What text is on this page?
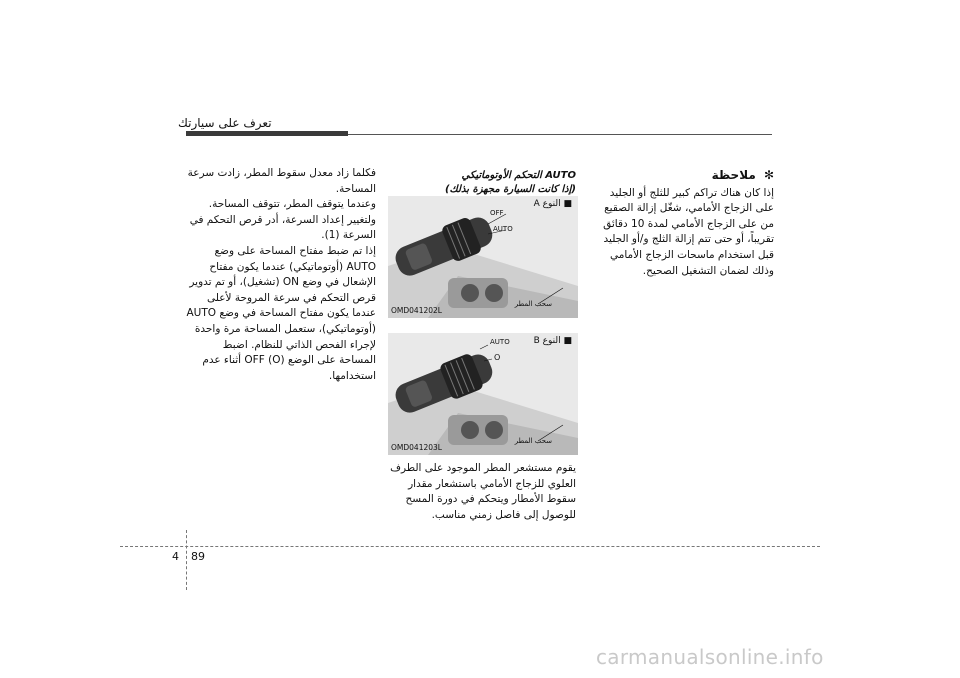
تعرف على سيارتك

فكلما زاد معدل سقوط المطر، زادت سرعة المساحة.

وعندما يتوقف المطر، تتوقف المساحة.

ولتغيير إعداد السرعة، أدر قرص التحكم في السرعة (1).

إذا تم ضبط مفتاح المساحة على وضع AUTO (أوتوماتيكي) عندما يكون مفتاح الإشعال في وضع ON (تشغيل)، أو تم تدوير قرص التحكم في سرعة المروحة لأعلى عندما يكون مفتاح المساحة في وضع AUTO (أوتوماتيكي)، ستعمل المساحة مرة واحدة لإجراء الفحص الذاتي للنظام. اضبط المساحة على الوضع OFF (O) أثناء عدم استخدامها.

AUTO التحكم الأوتوماتيكي

(إذا كانت السيارة مجهزة بذلك)

■ النوع A
OFF
AUTO
سحب المطر
OMD041202L
■ النوع B
AUTO
O
سحب المطر
OMD041203L

يقوم مستشعر المطر الموجود على الطرف العلوي للزجاج الأمامي باستشعار مقدار سقوط الأمطار ويتحكم في دورة المسح للوصول إلى فاصل زمني مناسب.

✻ ملاحظة

إذا كان هناك تراكم كبير للثلج أو الجليد على الزجاج الأمامي، شغّل إزالة الصقيع من على الزجاج الأمامي لمدة 10 دقائق تقريباً، أو حتى تتم إزالة الثلج و/أو الجليد قبل استخدام ماسحات الزجاج الأمامي وذلك لضمان التشغيل الصحيح.

4 89
carmanualsonline.info
